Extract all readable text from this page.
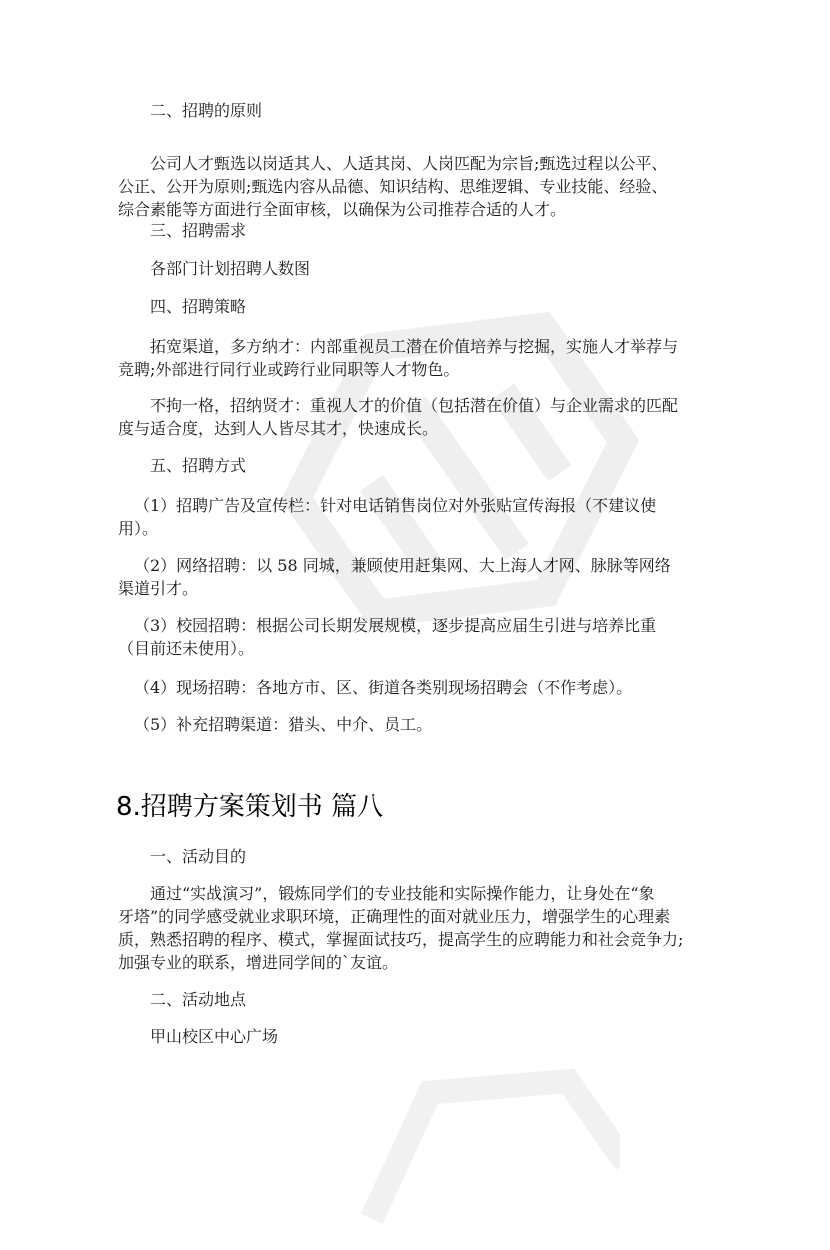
二、招聘的原则
公司人才甄选以岗适其人、人适其岗、人岗匹配为宗旨;甄选过程以公平、
公正、公开为原则;甄选内容从品德、知识结构、思维逻辑、专业技能、经验、
综合素能等方面进行全面审核，以确保为公司推荐合适的人才。
三、招聘需求
各部门计划招聘人数图
四、招聘策略
拓宽渠道，多方纳才：内部重视员工潜在价值培养与挖掘，实施人才举荐与
竞聘;外部进行同行业或跨行业同职等人才物色。
不拘一格，招纳贤才：重视人才的价值（包括潜在价值）与企业需求的匹配
度与适合度，达到人人皆尽其才，快速成长。
五、招聘方式
（1）招聘广告及宣传栏：针对电话销售岗位对外张贴宣传海报（不建议使
用）。
（2）网络招聘：以 58 同城，兼顾使用赶集网、大上海人才网、脉脉等网络
渠道引才。
（3）校园招聘：根据公司长期发展规模，逐步提高应届生引进与培养比重
（目前还未使用）。
（4）现场招聘：各地方市、区、街道各类别现场招聘会（不作考虑）。
（5）补充招聘渠道：猎头、中介、员工。
8.招聘方案策划书 篇八
一、活动目的
通过“实战演习”，锻炼同学们的专业技能和实际操作能力，让身处在“象
牙塔”的同学感受就业求职环境，正确理性的面对就业压力，增强学生的心理素
质，熟悉招聘的程序、模式，掌握面试技巧，提高学生的应聘能力和社会竞争力;
加强专业的联系，增进同学间的`友谊。
二、活动地点
甲山校区中心广场
